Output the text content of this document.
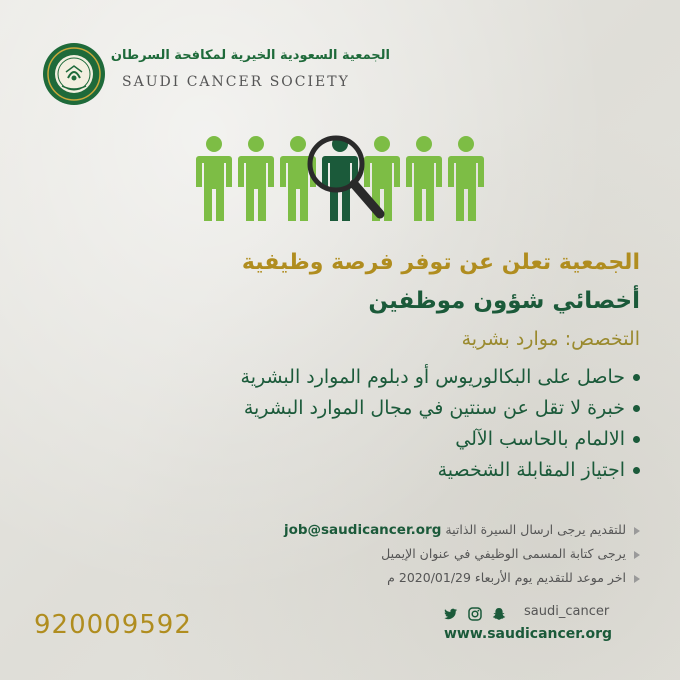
الجمعية السعودية الخيرية لمكافحة السرطان
SAUDI CANCER SOCIETY
الجمعية تعلن عن توفر فرصة وظيفية
أخصائي شؤون موظفين
التخصص: موارد بشرية
حاصل على البكالوريوس أو دبلوم الموارد البشرية
خبرة لا تقل عن سنتين في مجال الموارد البشرية
الالمام بالحاسب الآلي
اجتياز المقابلة الشخصية
للتقديم يرجى ارسال السيرة الذاتية job@saudicancer.org
يرجى كتابة المسمى الوظيفي في عنوان الإيميل
اخر موعد للتقديم يوم الأربعاء 2020/01/29 م
920009592	saudi_cancer
www.saudicancer.org
